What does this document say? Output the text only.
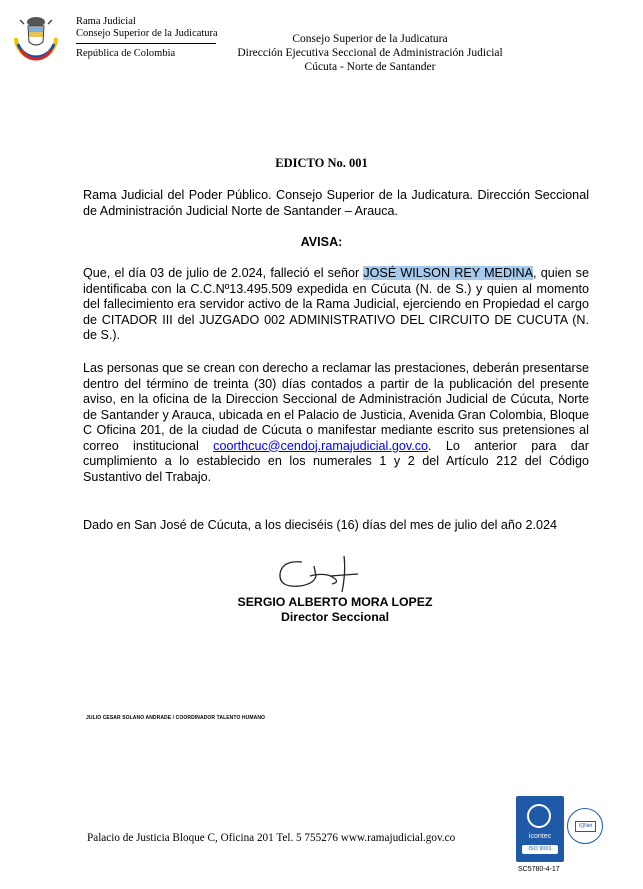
Rama Judicial
Consejo Superior de la Judicatura
República de Colombia
Consejo Superior de la Judicatura
Dirección Ejecutiva Seccional de Administración Judicial
Cúcuta - Norte de Santander
EDICTO No. 001
Rama Judicial del Poder Público. Consejo Superior de la Judicatura. Dirección Seccional de Administración Judicial Norte de Santander – Arauca.
AVISA:
Que, el día 03 de julio de 2.024, falleció el señor JOSÉ WILSON REY MEDINA, quien se identificaba con la C.C.Nº13.495.509 expedida en Cúcuta (N. de S.) y quien al momento del fallecimiento era servidor activo de la Rama Judicial, ejerciendo en Propiedad el cargo de CITADOR III del JUZGADO 002 ADMINISTRATIVO DEL CIRCUITO DE CUCUTA (N. de S.).
Las personas que se crean con derecho a reclamar las prestaciones, deberán presentarse dentro del término de treinta (30) días contados a partir de la publicación del presente aviso, en la oficina de la Direccion Seccional de Administración Judicial de Cúcuta, Norte de Santander y Arauca, ubicada en el Palacio de Justicia, Avenida Gran Colombia, Bloque C Oficina 201, de la ciudad de Cúcuta o manifestar mediante escrito sus pretensiones al correo institucional coorthcuc@cendoj.ramajudicial.gov.co. Lo anterior para dar cumplimiento a lo establecido en los numerales 1 y 2 del Artículo 212 del Código Sustantivo del Trabajo.
Dado en San José de Cúcuta, a los dieciséis (16) días del mes de julio del año 2.024
SERGIO ALBERTO MORA LOPEZ
Director Seccional
JULIO CESAR SOLANO ANDRADE / COORDINADOR TALENTO HUMANO
Palacio de Justicia Bloque C, Oficina 201 Tel. 5 755276 www.ramajudicial.gov.co	icontec
ISO 9001
IQNet
SC5780-4-17
